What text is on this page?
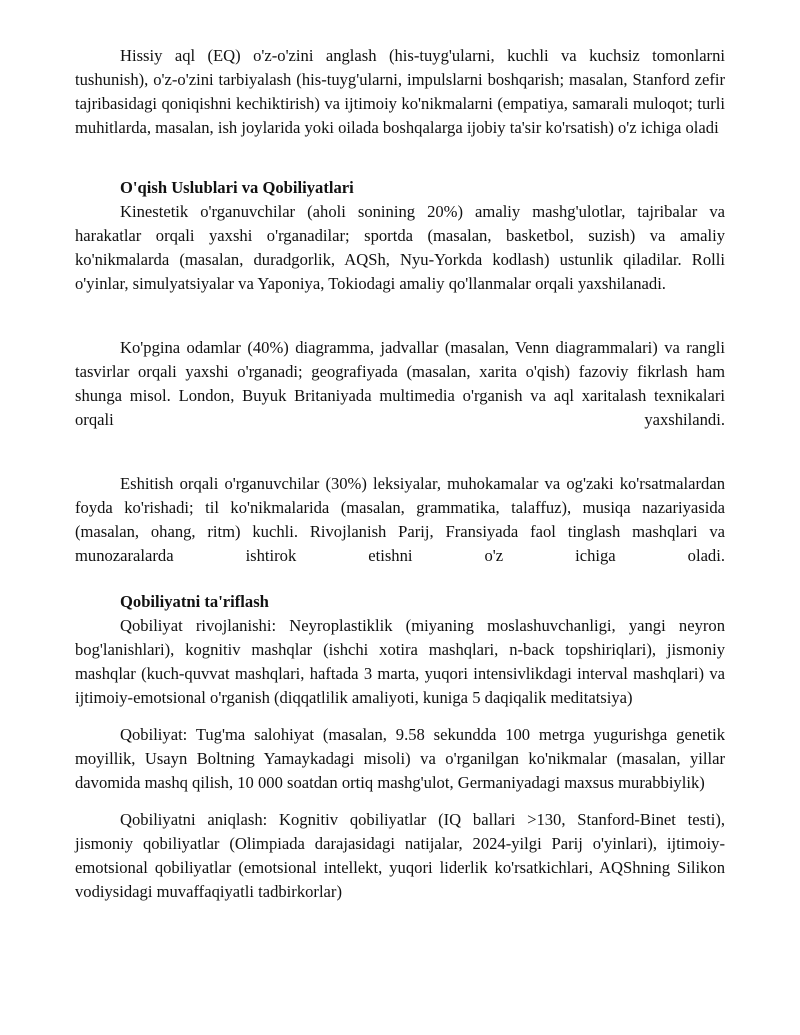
Hissiy aql (EQ) o'z-o'zini anglash (his-tuyg'ularni, kuchli va kuchsiz tomonlarni tushunish), o'z-o'zini tarbiyalash (his-tuyg'ularni, impulslarni boshqarish; masalan, Stanford zefir tajribasidagi qoniqishni kechiktirish) va ijtimoiy ko'nikmalarni (empatiya, samarali muloqot; turli muhitlarda, masalan, ish joylarida yoki oilada boshqalarga ijobiy ta'sir ko'rsatish) o'z ichiga oladi

O'qish Uslublari va Qobiliyatlari

Kinestetik o'rganuvchilar (aholi sonining 20%) amaliy mashg'ulotlar, tajribalar va harakatlar orqali yaxshi o'rganadilar; sportda (masalan, basketbol, suzish) va amaliy ko'nikmalarda (masalan, duradgorlik, AQSh, Nyu-Yorkda kodlash) ustunlik qiladilar. Rolli o'yinlar, simulyatsiyalar va Yaponiya, Tokiodagi amaliy qo'llanmalar orqali yaxshilanadi.

Ko'pgina odamlar (40%) diagramma, jadvallar (masalan, Venn diagrammalari) va rangli tasvirlar orqali yaxshi o'rganadi; geografiyada (masalan, xarita o'qish) fazoviy fikrlash ham shunga misol. London, Buyuk Britaniyada multimedia o'rganish va aql xaritalash texnikalari orqali yaxshilandi.

Eshitish orqali o'rganuvchilar (30%) leksiyalar, muhokamalar va og'zaki ko'rsatmalardan foyda ko'rishadi; til ko'nikmalarida (masalan, grammatika, talaffuz), musiqa nazariyasida (masalan, ohang, ritm) kuchli. Rivojlanish Parij, Fransiyada faol tinglash mashqlari va munozaralarda ishtirok etishni o'z ichiga oladi.

Qobiliyatni ta'riflash

Qobiliyat rivojlanishi: Neyroplastiklik (miyaning moslashuvchanligi, yangi neyron bog'lanishlari), kognitiv mashqlar (ishchi xotira mashqlari, n-back topshiriqlari), jismoniy mashqlar (kuch-quvvat mashqlari, haftada 3 marta, yuqori intensivlikdagi interval mashqlari) va ijtimoiy-emotsional o'rganish (diqqatlilik amaliyoti, kuniga 5 daqiqalik meditatsiya)

Qobiliyat: Tug'ma salohiyat (masalan, 9.58 sekundda 100 metrga yugurishga genetik moyillik, Usayn Boltning Yamaykadagi misoli) va o'rganilgan ko'nikmalar (masalan, yillar davomida mashq qilish, 10 000 soatdan ortiq mashg'ulot, Germaniyadagi maxsus murabbiylik)

Qobiliyatni aniqlash: Kognitiv qobiliyatlar (IQ ballari >130, Stanford-Binet testi), jismoniy qobiliyatlar (Olimpiada darajasidagi natijalar, 2024-yilgi Parij o'yinlari), ijtimoiy-emotsional qobiliyatlar (emotsional intellekt, yuqori liderlik ko'rsatkichlari, AQShning Silikon vodiysidagi muvaffaqiyatli tadbirkorlar)
